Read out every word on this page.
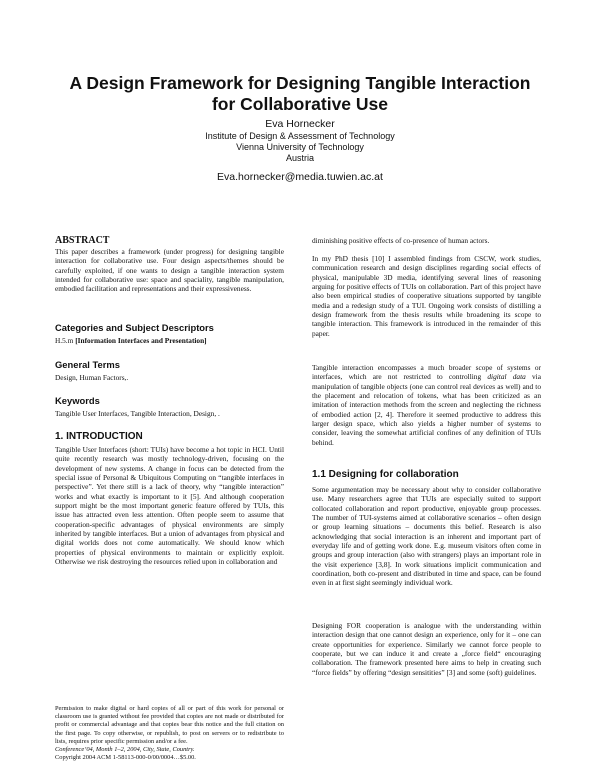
A Design Framework for Designing Tangible Interaction
for Collaborative Use
Eva Hornecker
Institute of Design & Assessment of Technology
Vienna University of Technology
Austria
Eva.hornecker@media.tuwien.ac.at

ABSTRACT

This paper describes a framework (under progress) for designing tangible interaction for collaborative use. Four design aspects/themes should be carefully exploited, if one wants to design a tangible interaction system intended for collaborative use: space and spaciality, tangible manipulation, embodied facilitation and representations and their expressiveness.

Categories and Subject Descriptors

H.5.m [Information Interfaces and Presentation]

General Terms

Design, Human Factors,.

Keywords

Tangible User Interfaces, Tangible Interaction, Design, .

1. INTRODUCTION

Tangible User Interfaces (short: TUIs) have become a hot topic in HCI. Until quite recently research was mostly technology-driven, focusing on the development of new systems. A change in focus can be detected from the special issue of Personal & Ubiquitous Computing on “tangible interfaces in perspective”. Yet there still is a lack of theory, why “tangible interaction” works and what exactly is important to it [5]. And although cooperation support might be the most important generic feature offered by TUIs, this issue has attracted even less attention. Often people seem to assume that cooperation-specific advantages of physical environments are simply inherited by tangible interfaces. But a union of advantages from physical and digital worlds does not come automatically. We should know which properties of physical environments to maintain or explicitly exploit. Otherwise we risk destroying the resources relied upon in collaboration and

Permission to make digital or hard copies of all or part of this work for personal or classroom use is granted without fee provided that copies are not made or distributed for profit or commercial advantage and that copies bear this notice and the full citation on the first page. To copy otherwise, or republish, to post on servers or to redistribute to lists, requires prior specific permission and/or a fee.

Conference’04, Month 1–2, 2004, City, State, Country.

Copyright 2004 ACM 1-58113-000-0/00/0004…$5.00.

diminishing positive effects of co-presence of human actors.

In my PhD thesis [10] I assembled findings from CSCW, work studies, communication research and design disciplines regarding social effects of physical, manipulable 3D media, identifying several lines of reasoning arguing for positive effects of TUIs on collaboration. Part of this project have also been empirical studies of cooperative situations supported by tangible media and a redesign study of a TUI. Ongoing work consists of distilling a design framework from the thesis results while broadening its scope to tangible interaction. This framework is introduced in the remainder of this paper.

Tangible interaction encompasses a much broader scope of systems or interfaces, which are not restricted to controlling digital data via manipulation of tangible objects (one can control real devices as well) and to the placement and relocation of tokens, what has been criticized as an imitation of interaction methods from the screen and neglecting the richness of embodied action [2, 4]. Therefore it seemed productive to address this larger design space, which also yields a higher number of systems to consider, leaving the somewhat artificial confines of any definition of TUIs behind.

1.1 Designing for collaboration

Some argumentation may be necessary about why to consider collaborative use. Many researchers agree that TUIs are especially suited to support collocated collaboration and report productive, enjoyable group processes. The number of TUI-systems aimed at collaborative scenarios – often design or group learning situations – documents this belief. Research is also acknowledging that social interaction is an inherent and important part of everyday life and of getting work done. E.g. museum visitors often come in groups and group interaction (also with strangers) plays an important role in the visit experience [3,8]. In work situations implicit communication and coordination, both co-present and distributed in time and space, can be found even in at first sight seemingly individual work.

Designing FOR cooperation is analogue with the understanding within interaction design that one cannot design an experience, only for it – one can create opportunities for experience. Similarly we cannot force people to cooperate, but we can induce it and create a „force field“ encouraging collaboration. The framework presented here aims to help in creating such “force fields” by offering “design sensitities” [3] and some (soft) guidelines.
